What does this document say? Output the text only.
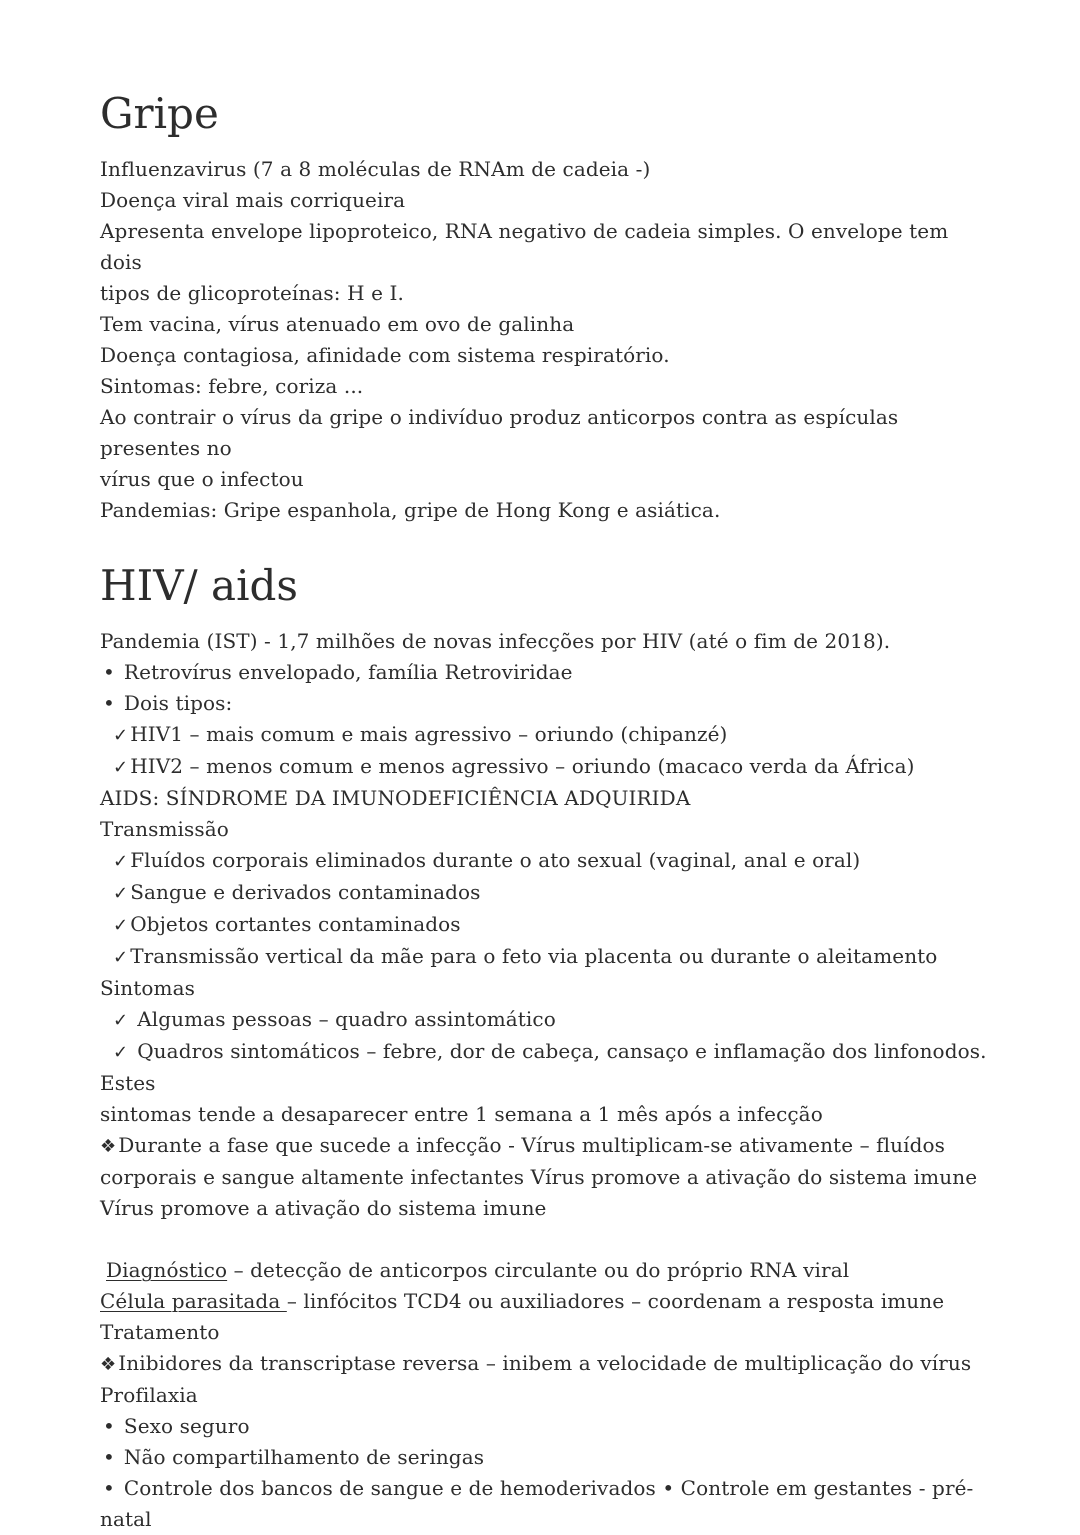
Gripe
Influenzavirus (7 a 8 moléculas de RNAm de cadeia -)
Doença viral mais corriqueira
Apresenta envelope lipoproteico, RNA negativo de cadeia simples. O envelope tem dois
tipos de glicoproteínas: H e I.
Tem vacina, vírus atenuado em ovo de galinha
Doença contagiosa, afinidade com sistema respiratório.
Sintomas: febre, coriza ...
Ao contrair o vírus da gripe o indivíduo produz anticorpos contra as espículas presentes no
vírus que o infectou
Pandemias: Gripe espanhola, gripe de Hong Kong e asiática.
HIV/ aids
Pandemia (IST) - 1,7 milhões de novas infecções por HIV (até o fim de 2018).
• Retrovírus envelopado, família Retroviridae
• Dois tipos:
✓ HIV1 – mais comum e mais agressivo – oriundo (chipanzé)
✓ HIV2 – menos comum e menos agressivo – oriundo (macaco verda da África)
AIDS: SÍNDROME DA IMUNODEFICIÊNCIA ADQUIRIDA
Transmissão
✓ Fluídos corporais eliminados durante o ato sexual (vaginal, anal e oral)
✓ Sangue e derivados contaminados
✓ Objetos cortantes contaminados
✓ Transmissão vertical da mãe para o feto via placenta ou durante o aleitamento
Sintomas
✓ Algumas pessoas – quadro assintomático
✓ Quadros sintomáticos – febre, dor de cabeça, cansaço e inflamação dos linfonodos. Estes
sintomas tende a desaparecer entre 1 semana a 1 mês após a infecção
❖ Durante a fase que sucede a infecção - Vírus multiplicam-se ativamente – fluídos
corporais e sangue altamente infectantes Vírus promove a ativação do sistema imune
Vírus promove a ativação do sistema imune
Diagnóstico – detecção de anticorpos circulante ou do próprio RNA viral
Célula parasitada – linfócitos TCD4 ou auxiliadores – coordenam a resposta imune
Tratamento
❖ Inibidores da transcriptase reversa – inibem a velocidade de multiplicação do vírus
Profilaxia
• Sexo seguro
• Não compartilhamento de seringas
• Controle dos bancos de sangue e de hemoderivados • Controle em gestantes - pré-natal
